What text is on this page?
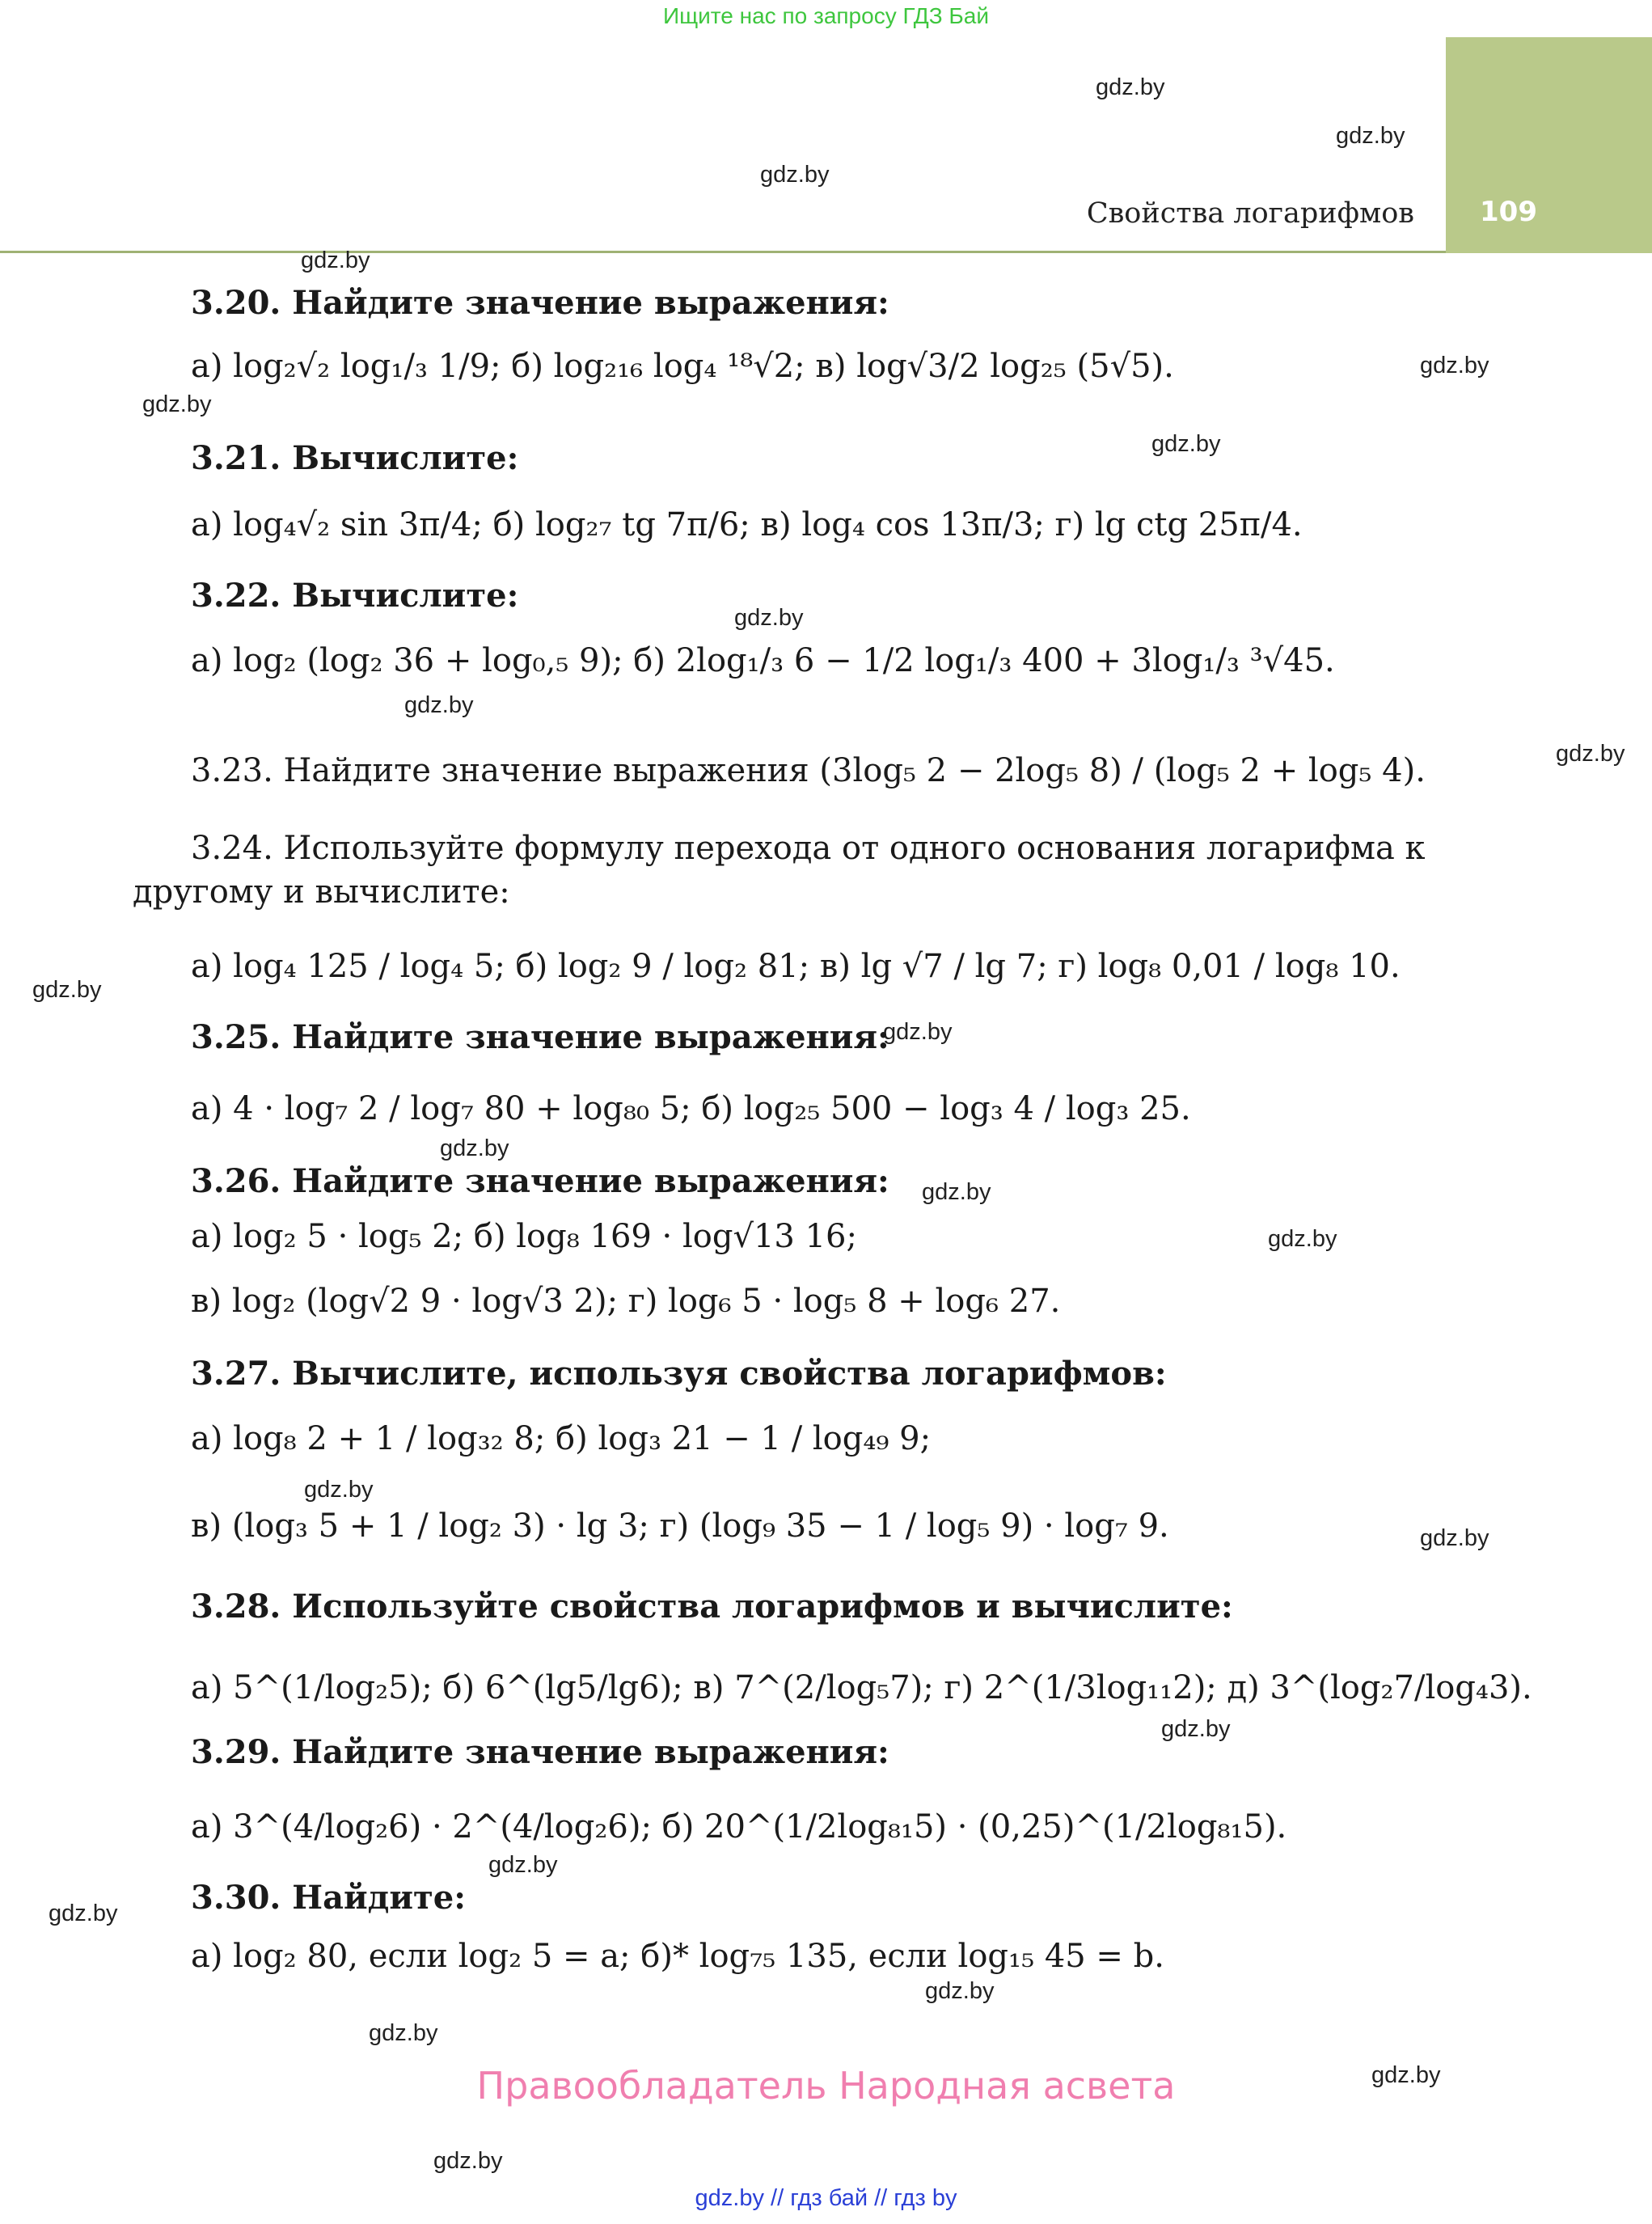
Ищите нас по запросу ГДЗ Бай
109
Свойства логарифмов
gdz.by
gdz.by
gdz.by
gdz.by
gdz.by
gdz.by
gdz.by
gdz.by
gdz.by
gdz.by
gdz.by
gdz.by
gdz.by
gdz.by
gdz.by
gdz.by
gdz.by
gdz.by
gdz.by
gdz.by
gdz.by
gdz.by
gdz.by
gdz.by
3.20. Найдите значение выражения:
а) log₂√₂ log₁/₃ 1/9; б) log₂₁₆ log₄ ¹⁸√2; в) log√3/2 log₂₅ (5√5).
3.21. Вычислите:
а) log₄√₂ sin 3π/4; б) log₂₇ tg 7π/6; в) log₄ cos 13π/3; г) lg ctg 25π/4.
3.22. Вычислите:
а) log₂ (log₂ 36 + log₀,₅ 9); б) 2log₁/₃ 6 − 1/2 log₁/₃ 400 + 3log₁/₃ ³√45.
3.23. Найдите значение выражения (3log₅ 2 − 2log₅ 8) / (log₅ 2 + log₅ 4).
3.24. Используйте формулу перехода от одного основания логарифма к
другому и вычислите:
а) log₄ 125 / log₄ 5; б) log₂ 9 / log₂ 81; в) lg √7 / lg 7; г) log₈ 0,01 / log₈ 10.
3.25. Найдите значение выражения:
а) 4 · log₇ 2 / log₇ 80 + log₈₀ 5; б) log₂₅ 500 − log₃ 4 / log₃ 25.
3.26. Найдите значение выражения:
а) log₂ 5 · log₅ 2; б) log₈ 169 · log√13 16;
в) log₂ (log√2 9 · log√3 2); г) log₆ 5 · log₅ 8 + log₆ 27.
3.27. Вычислите, используя свойства логарифмов:
а) log₈ 2 + 1 / log₃₂ 8; б) log₃ 21 − 1 / log₄₉ 9;
в) (log₃ 5 + 1 / log₂ 3) · lg 3; г) (log₉ 35 − 1 / log₅ 9) · log₇ 9.
3.28. Используйте свойства логарифмов и вычислите:
а) 5^(1/log₂5); б) 6^(lg5/lg6); в) 7^(2/log₅7); г) 2^(1/3log₁₁2); д) 3^(log₂7/log₄3).
3.29. Найдите значение выражения:
а) 3^(4/log₂6) · 2^(4/log₂6); б) 20^(1/2log₈₁5) · (0,25)^(1/2log₈₁5).
3.30. Найдите:
а) log₂ 80, если log₂ 5 = a; б)* log₇₅ 135, если log₁₅ 45 = b.
Правообладатель Народная асвета
gdz.by // гдз бай // гдз by
